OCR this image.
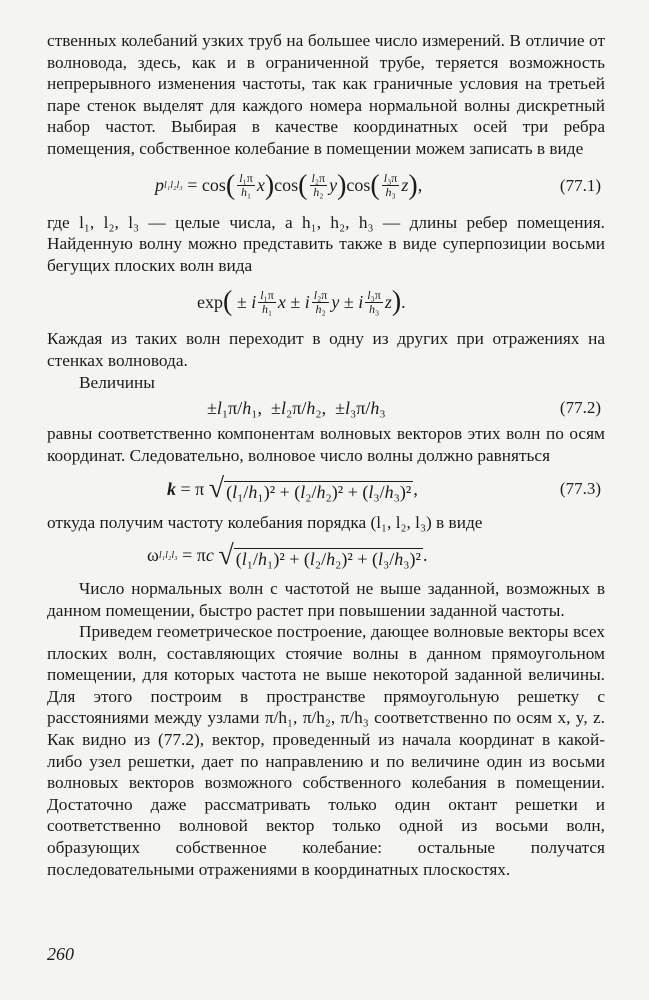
ственных колебаний узких труб на большее число измерений. В отличие от волновода, здесь, как и в ограниченной трубе, теряется возможность непрерывного изменения частоты, так как граничные условия на третьей паре стенок выделят для каждого номера нормальной волны дискретный набор частот. Выбирая в качестве координатных осей три ребра помещения, собственное колебание в помещении можем записать в виде

p l₁l₂l₃ = cos ( $\frac{\text{l₁π}}{\text{h₁}}$ x ) cos ( $\frac{\text{l₂π}}{\text{h₂}}$ y ) cos ( $\frac{\text{l₃π}}{\text{h₃}}$ z ) ,	(77.1)

где l₁, l₂, l₃ — целые числа, а h₁, h₂, h₃ — длины ребер помещения. Найденную волну можно представить также в виде суперпозиции восьми бегущих плоских волн вида

exp ( ± i $\frac{\text{l₁π}}{\text{h₁}}$ x ± i $\frac{\text{l₂π}}{\text{h₂}}$ y ± i $\frac{\text{l₃π}}{\text{h₃}}$ z ) .

Каждая из таких волн переходит в одну из других при отражениях на стенках волновода.

Величины

± l ₁π/ h ₁,  ± l ₂π/ h ₂,  ± l ₃π/ h ₃	(77.2)

равны соответственно компонентам волновых векторов этих волн по осям координат. Следовательно, волновое число волны должно равняться

k = π √ (l₁/h₁)² + (l₂/h₂)² + (l₃/h₃)² ,	(77.3)

откуда получим частоту колебания порядка (l₁, l₂, l₃) в виде

ω l₁l₂l₃ = π c
√ (l₁/h₁)² + (l₂/h₂)² + (l₃/h₃)² .

Число нормальных волн с частотой не выше заданной, возможных в данном помещении, быстро растет при повышении заданной частоты.

Приведем геометрическое построение, дающее волновые векторы всех плоских волн, составляющих стоячие волны в данном прямоугольном помещении, для которых частота не выше некоторой заданной величины. Для этого построим в пространстве прямоугольную решетку с расстояниями между узлами π/h₁, π/h₂, π/h₃ соответственно по осям x, y, z. Как видно из (77.2), вектор, проведенный из начала координат в какой-либо узел решетки, дает по направлению и по величине один из восьми волновых векторов возможного собственного колебания в помещении. Достаточно даже рассматривать только один октант решетки и соответственно волновой вектор только одной из восьми волн, образующих собственное колебание: остальные получатся последовательными отражениями в координатных плоскостях.

260
